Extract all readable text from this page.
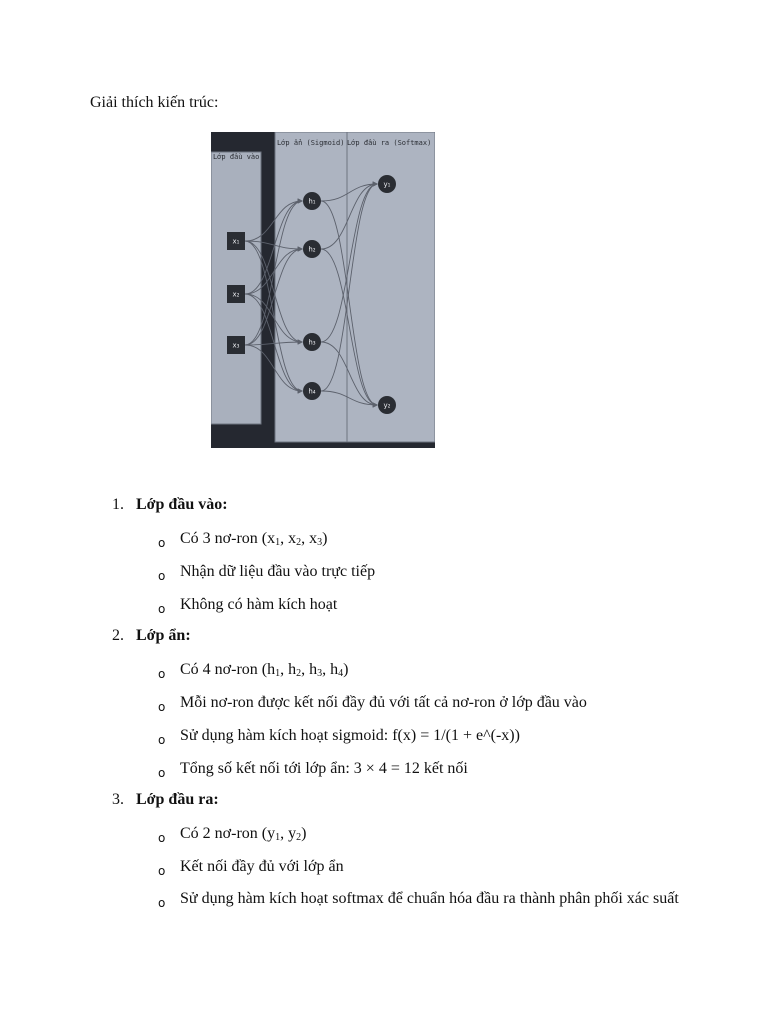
Giải thích kiến trúc:
Lớp đầu vào
Lớp ẩn (Sigmoid) Lớp đầu ra (Softmax)
x₁
x₂
x₃
h₁
h₂
h₃
h₄
y₁
y₂
1. Lớp đầu vào:
o Có 3 nơ-ron ($x_1$, $x_2$, $x_3$)
o Nhận dữ liệu đầu vào trực tiếp
o Không có hàm kích hoạt
2. Lớp ẩn:
o Có 4 nơ-ron ($h_1$, $h_2$, $h_3$, $h_4$)
o Mỗi nơ-ron được kết nối đầy đủ với tất cả nơ-ron ở lớp đầu vào
o Sử dụng hàm kích hoạt sigmoid: f(x) = 1/(1 + e^(-x))
o Tổng số kết nối tới lớp ẩn: 3 × 4 = 12 kết nối
3. Lớp đầu ra:
o Có 2 nơ-ron ($y_1$, $y_2$)
o Kết nối đầy đủ với lớp ẩn
o Sử dụng hàm kích hoạt softmax để chuẩn hóa đầu ra thành phân phối xác suất
